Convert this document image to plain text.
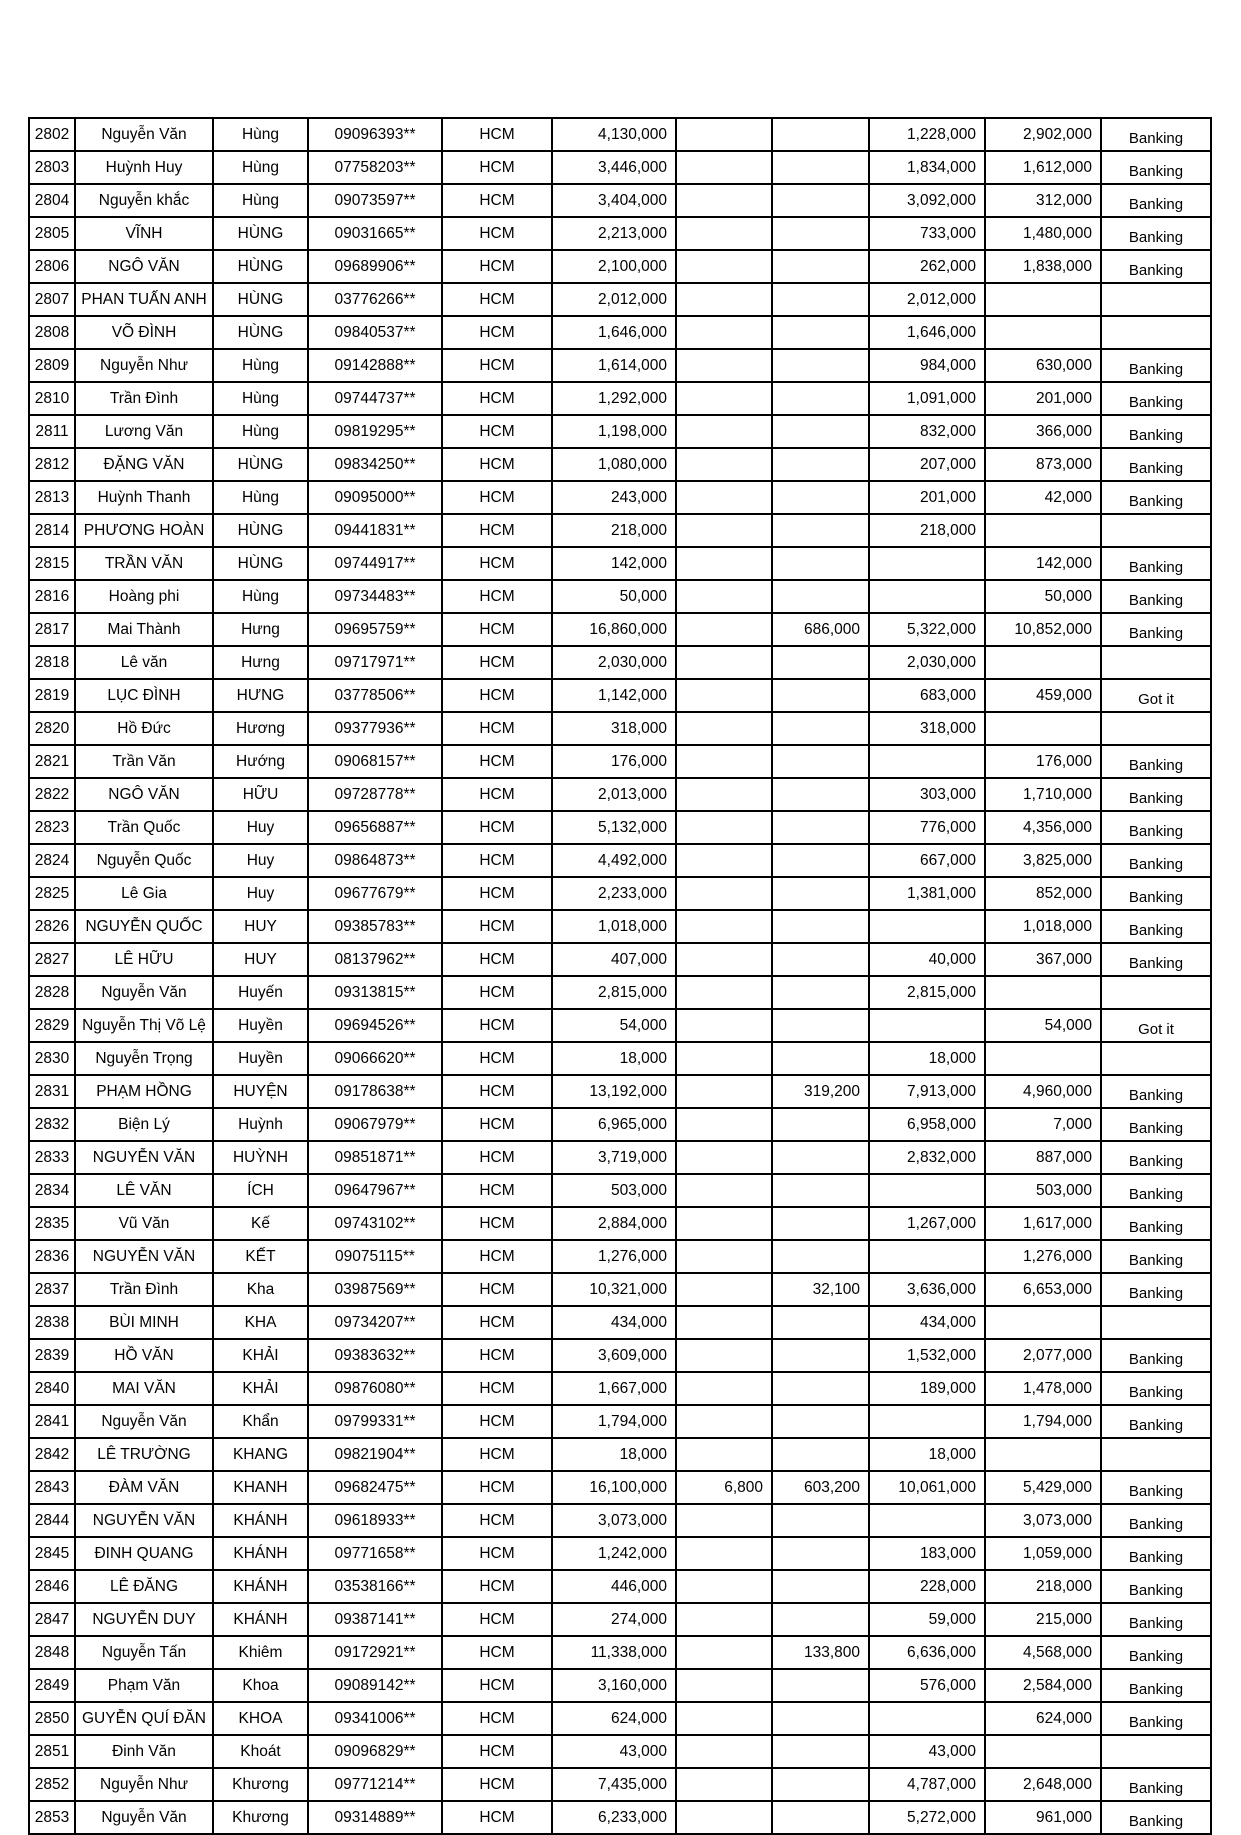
2802	Nguyễn Văn	Hùng	09096393**	HCM	4,130,000			1,228,000	2,902,000	Banking
2803	Huỳnh Huy	Hùng	07758203**	HCM	3,446,000			1,834,000	1,612,000	Banking
2804	Nguyễn khắc	Hùng	09073597**	HCM	3,404,000			3,092,000	312,000	Banking
2805	VĨNH	HÙNG	09031665**	HCM	2,213,000			733,000	1,480,000	Banking
2806	NGÔ VĂN	HÙNG	09689906**	HCM	2,100,000			262,000	1,838,000	Banking
2807	PHAN TUẤN ANH	HÙNG	03776266**	HCM	2,012,000			2,012,000		
2808	VÕ ĐÌNH	HÙNG	09840537**	HCM	1,646,000			1,646,000		
2809	Nguyễn Như	Hùng	09142888**	HCM	1,614,000			984,000	630,000	Banking
2810	Trần Đình	Hùng	09744737**	HCM	1,292,000			1,091,000	201,000	Banking
2811	Lương Văn	Hùng	09819295**	HCM	1,198,000			832,000	366,000	Banking
2812	ĐẶNG VĂN	HÙNG	09834250**	HCM	1,080,000			207,000	873,000	Banking
2813	Huỳnh Thanh	Hùng	09095000**	HCM	243,000			201,000	42,000	Banking
2814	PHƯƠNG HOÀN	HÙNG	09441831**	HCM	218,000			218,000		
2815	TRẦN VĂN	HÙNG	09744917**	HCM	142,000				142,000	Banking
2816	Hoàng phi	Hùng	09734483**	HCM	50,000				50,000	Banking
2817	Mai Thành	Hưng	09695759**	HCM	16,860,000		686,000	5,322,000	10,852,000	Banking
2818	Lê văn	Hưng	09717971**	HCM	2,030,000			2,030,000		
2819	LỤC ĐÌNH	HƯNG	03778506**	HCM	1,142,000			683,000	459,000	Got it
2820	Hồ Đức	Hương	09377936**	HCM	318,000			318,000		
2821	Trần Văn	Hướng	09068157**	HCM	176,000				176,000	Banking
2822	NGÔ VĂN	HỮU	09728778**	HCM	2,013,000			303,000	1,710,000	Banking
2823	Trần Quốc	Huy	09656887**	HCM	5,132,000			776,000	4,356,000	Banking
2824	Nguyễn Quốc	Huy	09864873**	HCM	4,492,000			667,000	3,825,000	Banking
2825	Lê Gia	Huy	09677679**	HCM	2,233,000			1,381,000	852,000	Banking
2826	NGUYỄN QUỐC	HUY	09385783**	HCM	1,018,000				1,018,000	Banking
2827	LÊ HỮU	HUY	08137962**	HCM	407,000			40,000	367,000	Banking
2828	Nguyễn Văn	Huyến	09313815**	HCM	2,815,000			2,815,000		
2829	Nguyễn Thị Võ Lệ	Huyền	09694526**	HCM	54,000				54,000	Got it
2830	Nguyễn Trọng	Huyền	09066620**	HCM	18,000			18,000		
2831	PHẠM HỒNG	HUYỆN	09178638**	HCM	13,192,000		319,200	7,913,000	4,960,000	Banking
2832	Biện Lý	Huỳnh	09067979**	HCM	6,965,000			6,958,000	7,000	Banking
2833	NGUYỄN VĂN	HUỲNH	09851871**	HCM	3,719,000			2,832,000	887,000	Banking
2834	LÊ VĂN	ÍCH	09647967**	HCM	503,000				503,000	Banking
2835	Vũ Văn	Kế	09743102**	HCM	2,884,000			1,267,000	1,617,000	Banking
2836	NGUYỄN VĂN	KẾT	09075115**	HCM	1,276,000				1,276,000	Banking
2837	Trần Đình	Kha	03987569**	HCM	10,321,000		32,100	3,636,000	6,653,000	Banking
2838	BÙI MINH	KHA	09734207**	HCM	434,000			434,000		
2839	HỒ VĂN	KHẢI	09383632**	HCM	3,609,000			1,532,000	2,077,000	Banking
2840	MAI VĂN	KHẢI	09876080**	HCM	1,667,000			189,000	1,478,000	Banking
2841	Nguyễn Văn	Khẩn	09799331**	HCM	1,794,000				1,794,000	Banking
2842	LÊ TRƯỜNG	KHANG	09821904**	HCM	18,000			18,000		
2843	ĐÀM VĂN	KHANH	09682475**	HCM	16,100,000	6,800	603,200	10,061,000	5,429,000	Banking
2844	NGUYỄN VĂN	KHÁNH	09618933**	HCM	3,073,000				3,073,000	Banking
2845	ĐINH QUANG	KHÁNH	09771658**	HCM	1,242,000			183,000	1,059,000	Banking
2846	LÊ ĐĂNG	KHÁNH	03538166**	HCM	446,000			228,000	218,000	Banking
2847	NGUYỄN DUY	KHÁNH	09387141**	HCM	274,000			59,000	215,000	Banking
2848	Nguyễn Tấn	Khiêm	09172921**	HCM	11,338,000		133,800	6,636,000	4,568,000	Banking
2849	Phạm Văn	Khoa	09089142**	HCM	3,160,000			576,000	2,584,000	Banking
2850	GUYỄN QUÍ ĐĂN	KHOA	09341006**	HCM	624,000				624,000	Banking
2851	Đinh Văn	Khoát	09096829**	HCM	43,000			43,000		
2852	Nguyễn Như	Khương	09771214**	HCM	7,435,000			4,787,000	2,648,000	Banking
2853	Nguyễn Văn	Khương	09314889**	HCM	6,233,000			5,272,000	961,000	Banking
